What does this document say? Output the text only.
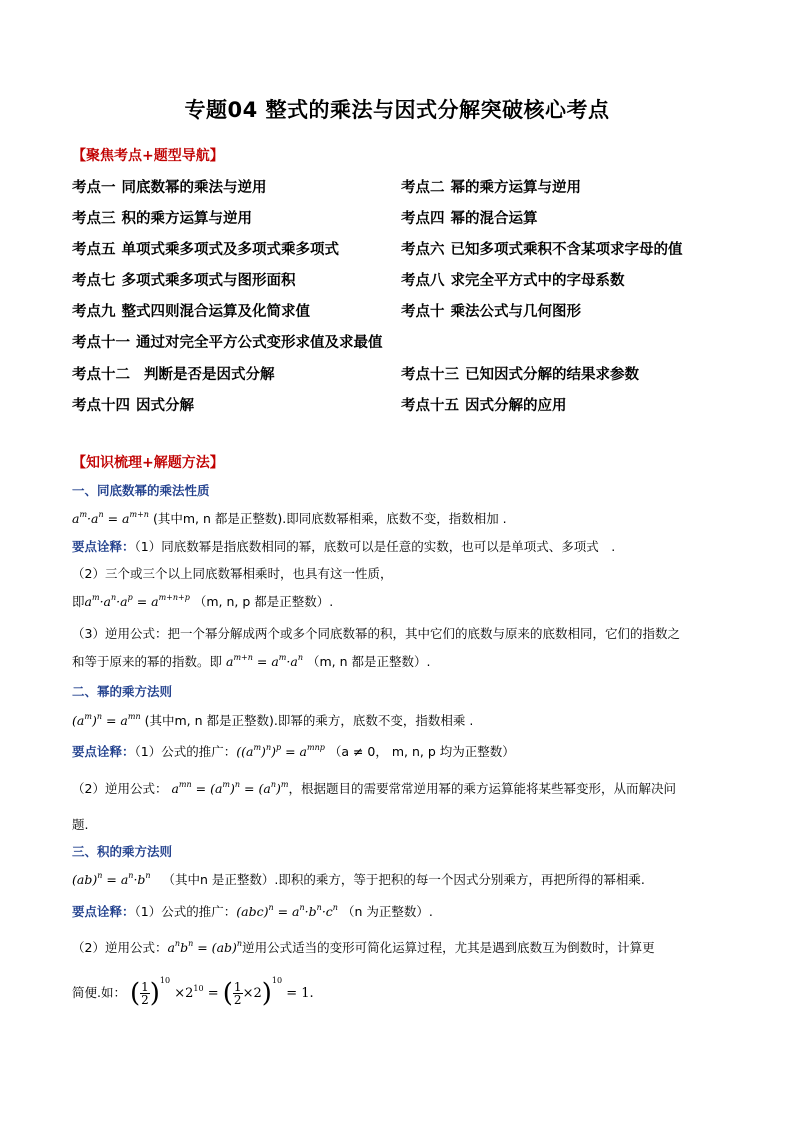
专题04 整式的乘法与因式分解突破核心考点
【聚焦考点+题型导航】
考点一 同底数幂的乘法与逆用	考点二 幂的乘方运算与逆用
考点三 积的乘方运算与逆用	考点四 幂的混合运算
考点五 单项式乘多项式及多项式乘多项式	考点六 已知多项式乘积不含某项求字母的值
考点七 多项式乘多项式与图形面积	考点八 求完全平方式中的字母系数
考点九 整式四则混合运算及化简求值	考点十 乘法公式与几何图形
考点十一 通过对完全平方公式变形求值及求最值
考点十二 判断是否是因式分解	考点十三 已知因式分解的结果求参数
考点十四 因式分解	考点十五 因式分解的应用
【知识梳理+解题方法】
一、同底数幂的乘法性质
$a^m\cdot a^n = a^{m+n}$ (其中m, n 都是正整数).即同底数幂相乘，底数不变，指数相加 .
要点诠释：（1）同底数幂是指底数相同的幂，底数可以是任意的实数，也可以是单项式、多项式　.
（2）三个或三个以上同底数幂相乘时，也具有这一性质，
即$a^m\cdot a^n\cdot a^p = a^{m+n+p}$ （m, n, p 都是正整数）.
（3）逆用公式：把一个幂分解成两个或多个同底数幂的积，其中它们的底数与原来的底数相同，它们的指数之
和等于原来的幂的指数。即 $a^{m+n} = a^m\cdot a^n$ （m, n 都是正整数）.
二、幂的乘方法则
$(a^m)^n = a^{mn}$ (其中m, n 都是正整数).即幂的乘方，底数不变，指数相乘 .
要点诠释：（1）公式的推广：$((a^m)^n)^p = a^{mnp}$ （a ≠ 0， m, n, p 均为正整数）
（2）逆用公式： $a^{mn} = (a^m)^n = (a^n)^m$，根据题目的需要常常逆用幂的乘方运算能将某些幂变形，从而解决问
题.
三、积的乘方法则
$(ab)^n = a^n\cdot b^n$ （其中n 是正整数）.即积的乘方，等于把积的每一个因式分别乘方，再把所得的幂相乘.
要点诠释：（1）公式的推广：$(abc)^n = a^n\cdot b^n\cdot c^n$ （n 为正整数）.
（2）逆用公式：$a^nb^n = (ab)^n$逆用公式适当的变形可简化运算过程，尤其是遇到底数互为倒数时，计算更
简便.如： ( $\frac{1}{2} )^{10} \times 2^{10}$ = ( $\frac{1}{2} \times 2)^{10} = 1$.
